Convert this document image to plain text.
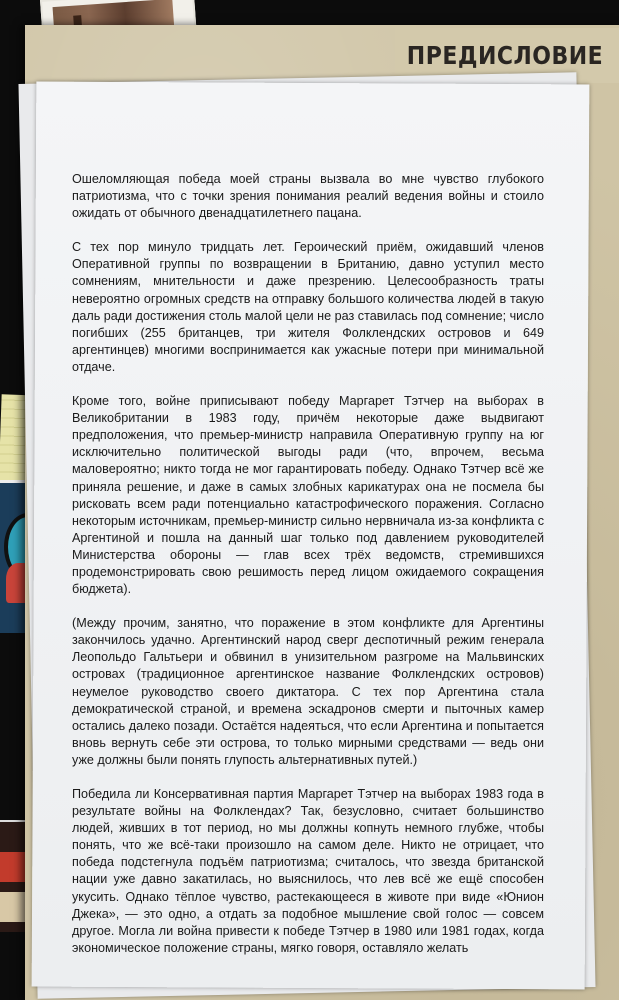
ПРЕДИСЛОВИЕ

Ошеломляющая победа моей страны вызвала во мне чувство глубокого патриотизма, что с точки зрения понимания реалий ведения войны и стоило ожидать от обычного двенадцатилетнего пацана.

С тех пор минуло тридцать лет. Героический приём, ожидавший членов Оперативной группы по возвращении в Британию, давно уступил место сомнениям, мнительности и даже презрению. Целесообразность траты невероятно огромных средств на отправку большого количества людей в такую даль ради достижения столь малой цели не раз ставилась под сомнение; число погибших (255 британцев, три жителя Фолклендских островов и 649 аргентинцев) многими воспринимается как ужасные потери при минимальной отдаче.

Кроме того, войне приписывают победу Маргарет Тэтчер на выборах в Великобритании в 1983 году, причём некоторые даже выдвигают предположения, что премьер-министр направила Оперативную группу на юг исключительно политической выгоды ради (что, впрочем, весьма маловероятно; никто тогда не мог гарантировать победу. Однако Тэтчер всё же приняла решение, и даже в самых злобных карикатурах она не посмела бы рисковать всем ради потенциально катастрофического поражения. Согласно некоторым источникам, премьер-министр сильно нервничала из-за конфликта с Аргентиной и пошла на данный шаг только под давлением руководителей Министерства обороны — глав всех трёх ведомств, стремившихся продемонстрировать свою решимость перед лицом ожидаемого сокращения бюджета).

(Между прочим, занятно, что поражение в этом конфликте для Аргентины закончилось удачно. Аргентинский народ сверг деспотичный режим генерала Леопольдо Гальтьери и обвинил в унизительном разгроме на Мальвинских островах (традиционное аргентинское название Фолклендских островов) неумелое руководство своего диктатора. С тех пор Аргентина стала демократической страной, и времена эскадронов смерти и пыточных камер остались далеко позади. Остаётся надеяться, что если Аргентина и попытается вновь вернуть себе эти острова, то только мирными средствами — ведь они уже должны были понять глупость альтернативных путей.)

Победила ли Консервативная партия Маргарет Тэтчер на выборах 1983 года в результате войны на Фолклендах? Так, безусловно, считает большинство людей, живших в тот период, но мы должны копнуть немного глубже, чтобы понять, что же всё-таки произошло на самом деле. Никто не отрицает, что победа подстегнула подъём патриотизма; считалось, что звезда британской нации уже давно закатилась, но выяснилось, что лев всё же ещё способен укусить. Однако тёплое чувство, растекающееся в животе при виде «Юнион Джека», — это одно, а отдать за подобное мышление свой голос — совсем другое. Могла ли война привести к победе Тэтчер в 1980 или 1981 годах, когда экономическое положение страны, мягко говоря, оставляло желать
